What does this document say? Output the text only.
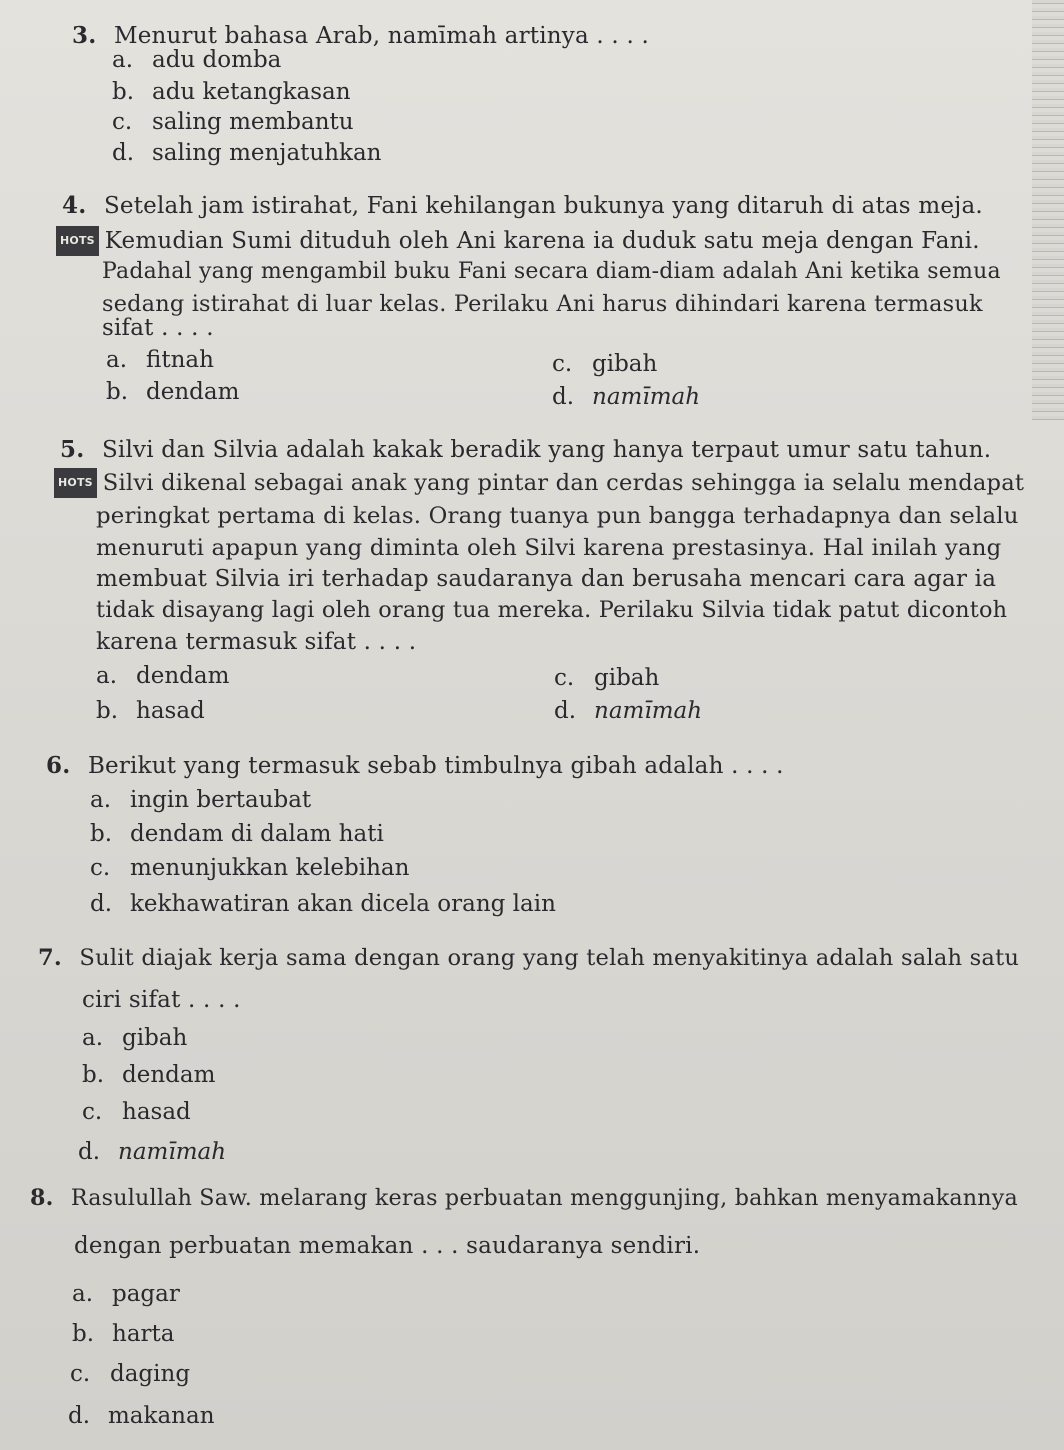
3. Menurut bahasa Arab, namīmah artinya . . . .
a. adu domba
b. adu ketangkasan
c. saling membantu
d. saling menjatuhkan
4. Setelah jam istirahat, Fani kehilangan bukunya yang ditaruh di atas meja.
HOTS Kemudian Sumi dituduh oleh Ani karena ia duduk satu meja dengan Fani.
Padahal yang mengambil buku Fani secara diam-diam adalah Ani ketika semua
sedang istirahat di luar kelas. Perilaku Ani harus dihindari karena termasuk
sifat . . . .
a. fitnah
b. dendam
c. gibah
d. namīmah
5. Silvi dan Silvia adalah kakak beradik yang hanya terpaut umur satu tahun.
HOTS Silvi dikenal sebagai anak yang pintar dan cerdas sehingga ia selalu mendapat
peringkat pertama di kelas. Orang tuanya pun bangga terhadapnya dan selalu
menuruti apapun yang diminta oleh Silvi karena prestasinya. Hal inilah yang
membuat Silvia iri terhadap saudaranya dan berusaha mencari cara agar ia
tidak disayang lagi oleh orang tua mereka. Perilaku Silvia tidak patut dicontoh
karena termasuk sifat . . . .
a. dendam
b. hasad
c. gibah
d. namīmah
6. Berikut yang termasuk sebab timbulnya gibah adalah . . . .
a. ingin bertaubat
b. dendam di dalam hati
c. menunjukkan kelebihan
d. kekhawatiran akan dicela orang lain
7. Sulit diajak kerja sama dengan orang yang telah menyakitinya adalah salah satu
ciri sifat . . . .
a. gibah
b. dendam
c. hasad
d. namīmah
8. Rasulullah Saw. melarang keras perbuatan menggunjing, bahkan menyamakannya
dengan perbuatan memakan . . . saudaranya sendiri.
a. pagar
b. harta
c. daging
d. makanan
